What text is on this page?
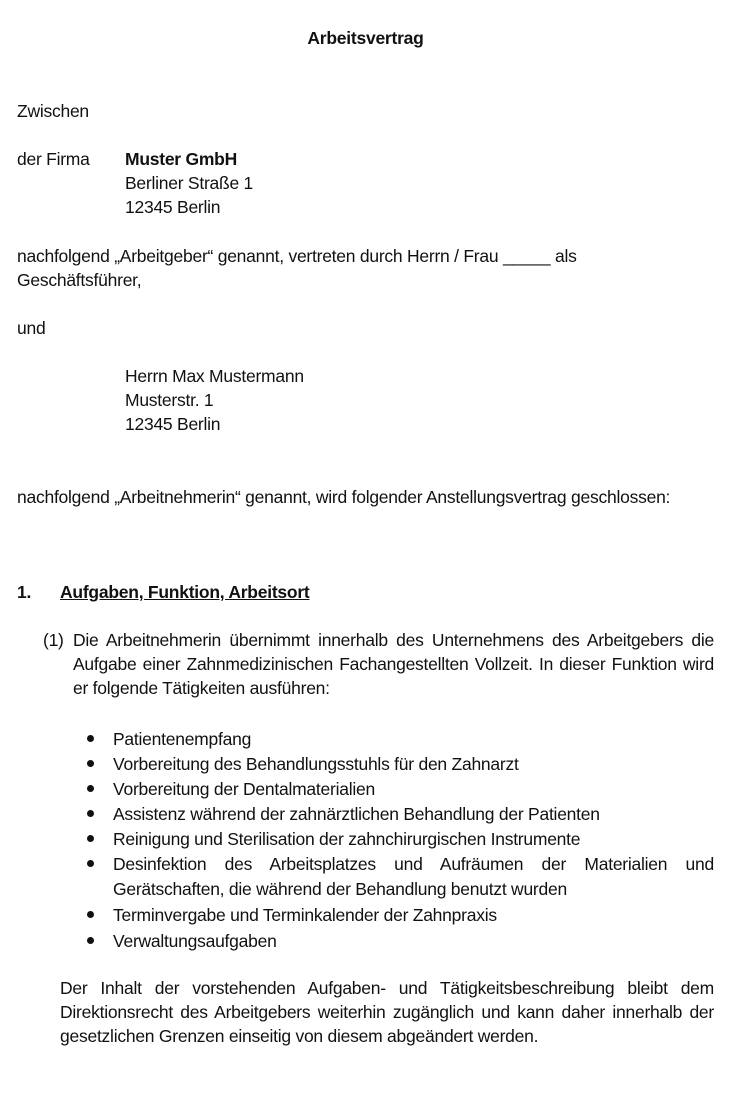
Arbeitsvertrag
Zwischen
der Firma Muster GmbH
Berliner Straße 1
12345 Berlin
nachfolgend „Arbeitgeber“ genannt, vertreten durch Herrn / Frau _____ als
Geschäftsführer,
und
Herrn Max Mustermann
Musterstr. 1
12345 Berlin
nachfolgend „Arbeitnehmerin“ genannt, wird folgender Anstellungsvertrag geschlossen:
1. Aufgaben, Funktion, Arbeitsort
(1) Die Arbeitnehmerin übernimmt innerhalb des Unternehmens des Arbeitgebers die
Aufgabe einer Zahnmedizinischen Fachangestellten Vollzeit. In dieser Funktion wird
er folgende Tätigkeiten ausführen:
Patientenempfang
Vorbereitung des Behandlungsstuhls für den Zahnarzt
Vorbereitung der Dentalmaterialien
Assistenz während der zahnärztlichen Behandlung der Patienten
Reinigung und Sterilisation der zahnchirurgischen Instrumente
Desinfektion des Arbeitsplatzes und Aufräumen der Materialien und
Gerätschaften, die während der Behandlung benutzt wurden
Terminvergabe und Terminkalender der Zahnpraxis
Verwaltungsaufgaben
Der Inhalt der vorstehenden Aufgaben- und Tätigkeitsbeschreibung bleibt dem
Direktionsrecht des Arbeitgebers weiterhin zugänglich und kann daher innerhalb der
gesetzlichen Grenzen einseitig von diesem abgeändert werden.
